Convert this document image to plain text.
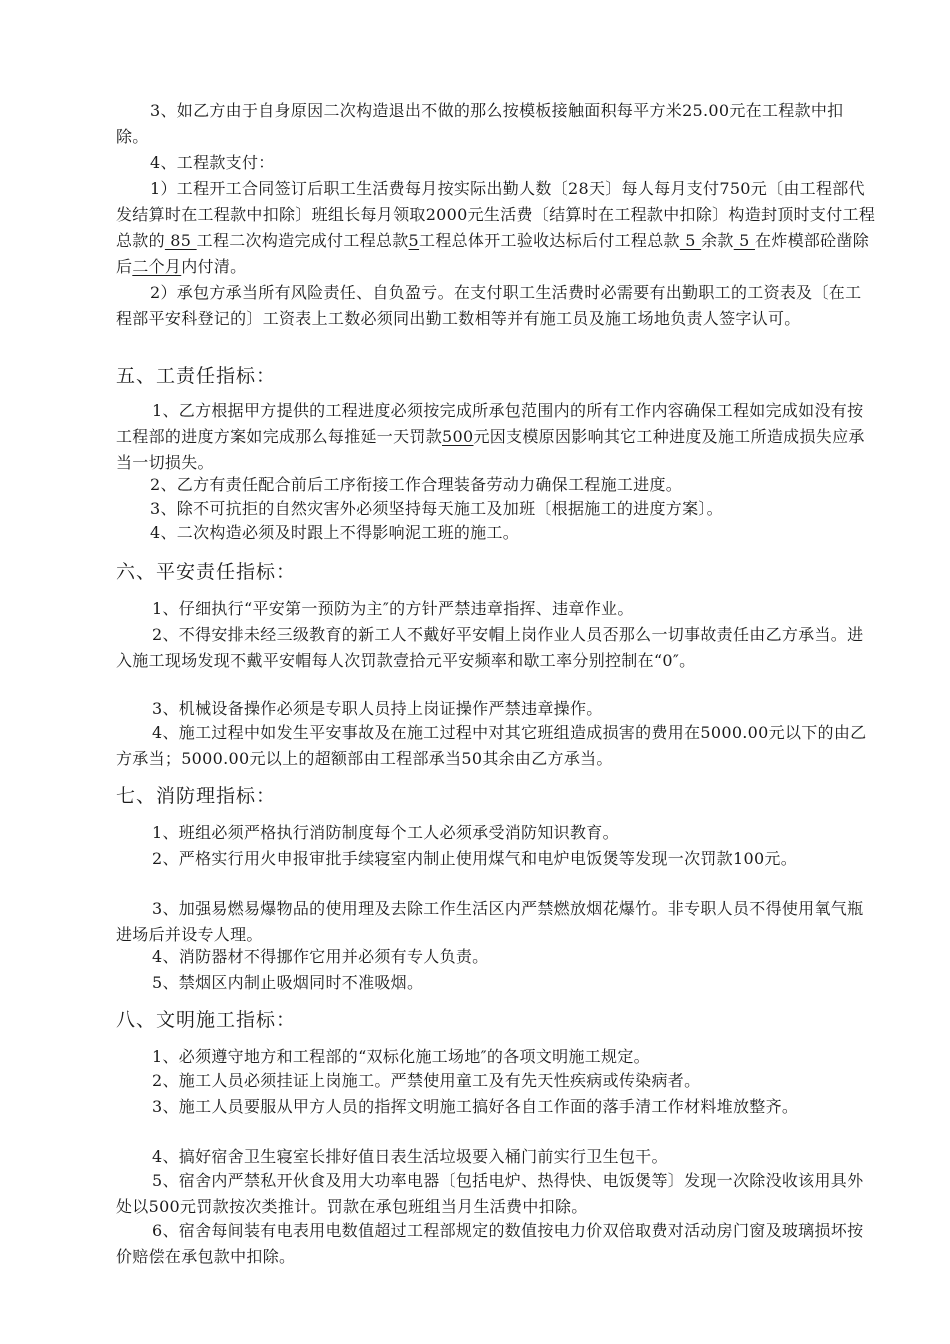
3、如乙方由于自身原因二次构造退出不做的那么按模板接触面积每平方米25.00元在工程款中扣除。

4、工程款支付：

1）工程开工合同签订后职工生活费每月按实际出勤人数〔28天〕每人每月支付750元〔由工程部代发结算时在工程款中扣除〕班组长每月领取2000元生活费〔结算时在工程款中扣除〕构造封顶时支付工程总款的 85 工程二次构造完成付工程总款5工程总体开工验收达标后付工程总款 5 余款 5 在炸模部砼凿除后二个月内付清。

2）承包方承当所有风险责任、自负盈亏。在支付职工生活费时必需要有出勤职工的工资表及〔在工程部平安科登记的〕工资表上工数必须同出勤工数相等并有施工员及施工场地负责人签字认可。

五、工责任指标：

1、乙方根据甲方提供的工程进度必须按完成所承包范围内的所有工作内容确保工程如完成如没有按工程部的进度方案如完成那么每推延一天罚款500元因支模原因影响其它工种进度及施工所造成损失应承当一切损失。

2、乙方有责任配合前后工序衔接工作合理装备劳动力确保工程施工进度。

3、除不可抗拒的自然灾害外必须坚持每天施工及加班〔根据施工的进度方案〕。

4、二次构造必须及时跟上不得影响泥工班的施工。

六、平安责任指标：

1、仔细执行“平安第一预防为主″的方针严禁违章指挥、违章作业。

2、不得安排未经三级教育的新工人不戴好平安帽上岗作业人员否那么一切事故责任由乙方承当。进入施工现场发现不戴平安帽每人次罚款壹拾元平安频率和歇工率分别控制在“0″。

3、机械设备操作必须是专职人员持上岗证操作严禁违章操作。

4、施工过程中如发生平安事故及在施工过程中对其它班组造成损害的费用在5000.00元以下的由乙方承当；5000.00元以上的超额部由工程部承当50其余由乙方承当。

七、消防理指标：

1、班组必须严格执行消防制度每个工人必须承受消防知识教育。

2、严格实行用火申报审批手续寝室内制止使用煤气和电炉电饭煲等发现一次罚款100元。

3、加强易燃易爆物品的使用理及去除工作生活区内严禁燃放烟花爆竹。非专职人员不得使用氧气瓶进场后并设专人理。

4、消防器材不得挪作它用并必须有专人负责。

5、禁烟区内制止吸烟同时不准吸烟。

八、文明施工指标：

1、必须遵守地方和工程部的“双标化施工场地″的各项文明施工规定。

2、施工人员必须挂证上岗施工。严禁使用童工及有先天性疾病或传染病者。

3、施工人员要服从甲方人员的指挥文明施工搞好各自工作面的落手清工作材料堆放整齐。

4、搞好宿舍卫生寝室长排好值日表生活垃圾要入桶门前实行卫生包干。

5、宿舍内严禁私开伙食及用大功率电器〔包括电炉、热得快、电饭煲等〕发现一次除没收该用具外处以500元罚款按次类推计。罚款在承包班组当月生活费中扣除。

6、宿舍每间装有电表用电数值超过工程部规定的数值按电力价双倍取费对活动房门窗及玻璃损坏按价赔偿在承包款中扣除。
